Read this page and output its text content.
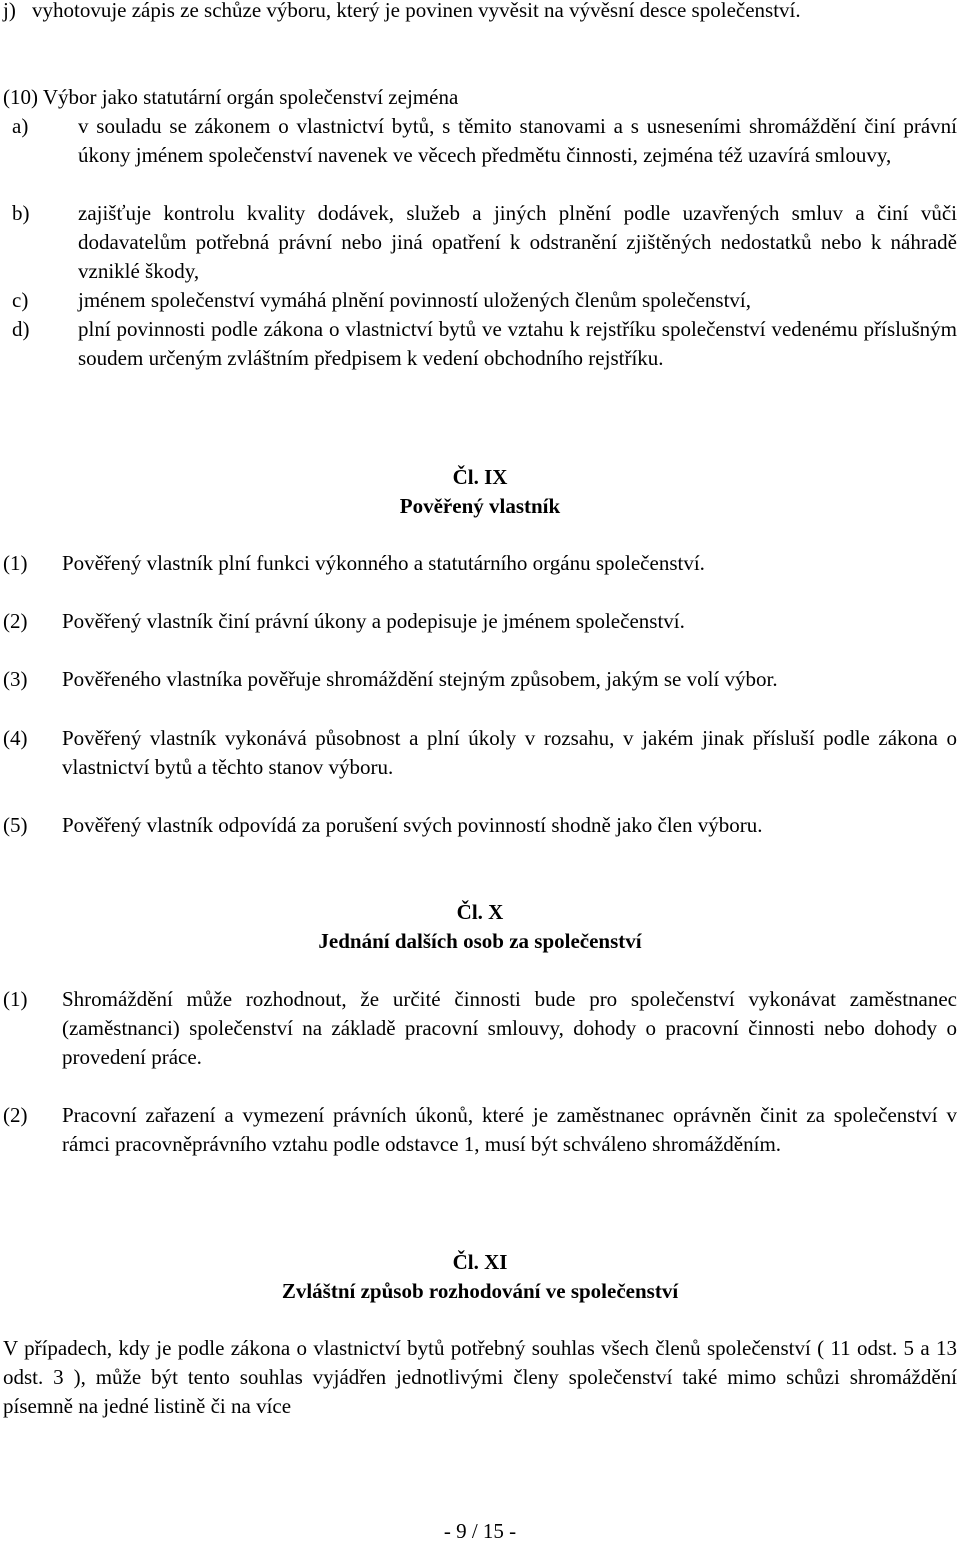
j) vyhotovuje zápis ze schůze výboru, který je povinen vyvěsit na vývěsní desce společenství.
(10) Výbor jako statutární orgán společenství zejména
a)	v souladu se zákonem o vlastnictví bytů, s těmito stanovami a s usneseními shromáždění činí právní úkony jménem společenství navenek ve věcech předmětu činnosti, zejména též uzavírá smlouvy,
b)	zajišťuje kontrolu kvality dodávek, služeb a jiných plnění podle uzavřených smluv a činí vůči dodavatelům potřebná právní nebo jiná opatření k odstranění zjištěných nedostatků nebo k náhradě vzniklé škody,
c)	jménem společenství vymáhá plnění povinností uložených členům společenství,
d)	plní povinnosti podle zákona o vlastnictví bytů ve vztahu k rejstříku společenství vedenému příslušným soudem určeným zvláštním předpisem k vedení obchodního rejstříku.
Čl. IX
Pověřený vlastník
(1)	Pověřený vlastník plní funkci výkonného a statutárního orgánu společenství.
(2)	Pověřený vlastník činí právní úkony a podepisuje je jménem společenství.
(3)	Pověřeného vlastníka pověřuje shromáždění stejným způsobem, jakým se volí výbor.
(4)	Pověřený vlastník vykonává působnost a plní úkoly v rozsahu, v jakém jinak přísluší podle zákona o vlastnictví bytů a těchto stanov výboru.
(5)	Pověřený vlastník odpovídá za porušení svých povinností shodně jako člen výboru.
Čl. X
Jednání dalších osob za společenství
(1)	Shromáždění může rozhodnout, že určité činnosti bude pro společenství vykonávat zaměstnanec (zaměstnanci) společenství na základě pracovní smlouvy, dohody o pracovní činnosti nebo dohody o provedení práce.
(2)	Pracovní zařazení a vymezení právních úkonů, které je zaměstnanec oprávněn činit za společenství v rámci pracovněprávního vztahu podle odstavce 1, musí být schváleno shromážděním.
Čl. XI
Zvláštní způsob rozhodování ve společenství
V případech, kdy je podle zákona o vlastnictví bytů potřebný souhlas všech členů společenství ( 11 odst. 5 a 13 odst. 3 ), může být tento souhlas vyjádřen jednotlivými členy společenství také mimo schůzi shromáždění písemně na jedné listině či na více
- 9 / 15 -
